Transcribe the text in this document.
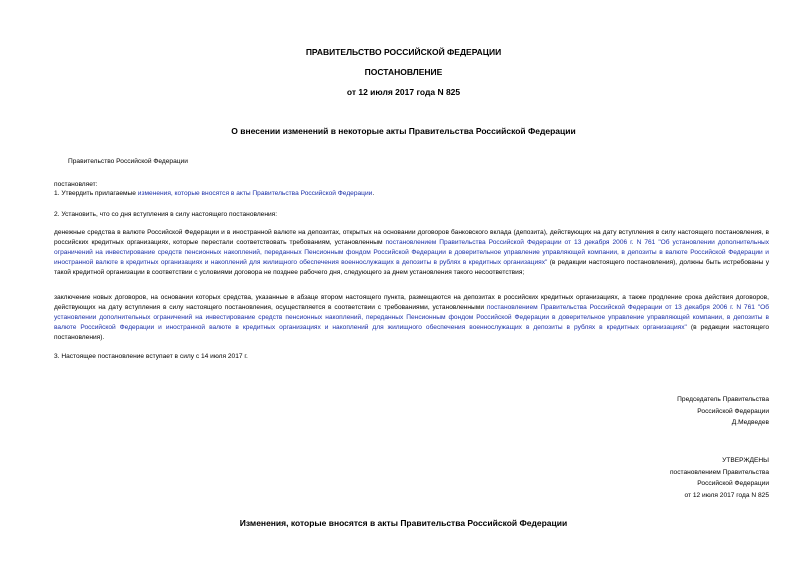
ПРАВИТЕЛЬСТВО РОССИЙСКОЙ ФЕДЕРАЦИИ
ПОСТАНОВЛЕНИЕ
от 12 июля 2017 года N 825
О внесении изменений в некоторые акты Правительства Российской Федерации
Правительство Российской Федерации
постановляет:
1. Утвердить прилагаемые изменения, которые вносятся в акты Правительства Российской Федерации.
2. Установить, что со дня вступления в силу настоящего постановления:
денежные средства в валюте Российской Федерации и в иностранной валюте на депозитах, открытых на основании договоров банковского вклада (депозита), действующих на дату вступления в силу настоящего постановления, в российских кредитных организациях, которые перестали соответствовать требованиям, установленным постановлением Правительства Российской Федерации от 13 декабря 2006 г. N 761 "Об установлении дополнительных ограничений на инвестирование средств пенсионных накоплений, переданных Пенсионным фондом Российской Федерации в доверительное управление управляющей компании, в депозиты в валюте Российской Федерации и иностранной валюте в кредитных организациях и накоплений для жилищного обеспечения военнослужащих в депозиты в рублях в кредитных организациях" (в редакции настоящего постановления), должны быть истребованы у такой кредитной организации в соответствии с условиями договора не позднее рабочего дня, следующего за днем установления такого несоответствия;
заключение новых договоров, на основании которых средства, указанные в абзаце втором настоящего пункта, размещаются на депозитах в российских кредитных организациях, а также продление срока действия договоров, действующих на дату вступления в силу настоящего постановления, осуществляется в соответствии с требованиями, установленными постановлением Правительства Российской Федерации от 13 декабря 2006 г. N 761 "Об установлении дополнительных ограничений на инвестирование средств пенсионных накоплений, переданных Пенсионным фондом Российской Федерации в доверительное управление управляющей компании, в депозиты в валюте Российской Федерации и иностранной валюте в кредитных организациях и накоплений для жилищного обеспечения военнослужащих в депозиты в рублях в кредитных организациях" (в редакции настоящего постановления).
3. Настоящее постановление вступает в силу с 14 июля 2017 г.
Председатель Правительства
Российской Федерации
Д.Медведев
УТВЕРЖДЕНЫ
постановлением Правительства
Российской Федерации
от 12 июля 2017 года N 825
Изменения, которые вносятся в акты Правительства Российской Федерации
